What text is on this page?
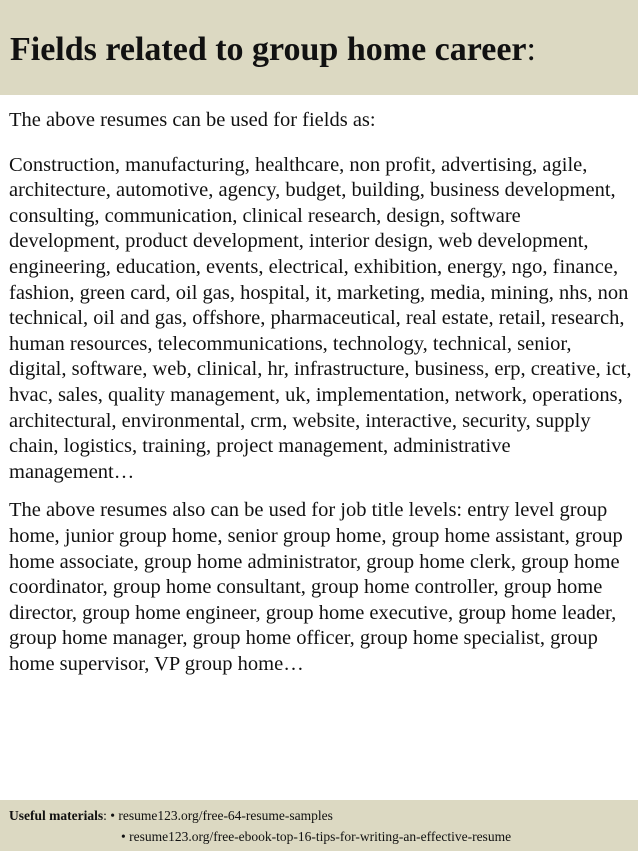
Fields related to group home career:

The above resumes can be used for fields as:

Construction, manufacturing, healthcare, non profit, advertising, agile, architecture, automotive, agency, budget, building, business development, consulting, communication, clinical research, design, software development, product development, interior design, web development, engineering, education, events, electrical, exhibition, energy, ngo, finance, fashion, green card, oil gas, hospital, it, marketing, media, mining, nhs, non technical, oil and gas, offshore, pharmaceutical, real estate, retail, research, human resources, telecommunications, technology, technical, senior, digital, software, web, clinical, hr, infrastructure, business, erp, creative, ict, hvac, sales, quality management, uk, implementation, network, operations, architectural, environmental, crm, website, interactive, security, supply chain, logistics, training, project management, administrative management…

The above resumes also can be used for job title levels: entry level group home, junior group home, senior group home, group home assistant, group home associate, group home administrator, group home clerk, group home coordinator, group home consultant, group home controller, group home director, group home engineer, group home executive, group home leader, group home manager, group home officer, group home specialist, group home supervisor, VP group home…

Useful materials: • resume123.org/free-64-resume-samples
• resume123.org/free-ebook-top-16-tips-for-writing-an-effective-resume
